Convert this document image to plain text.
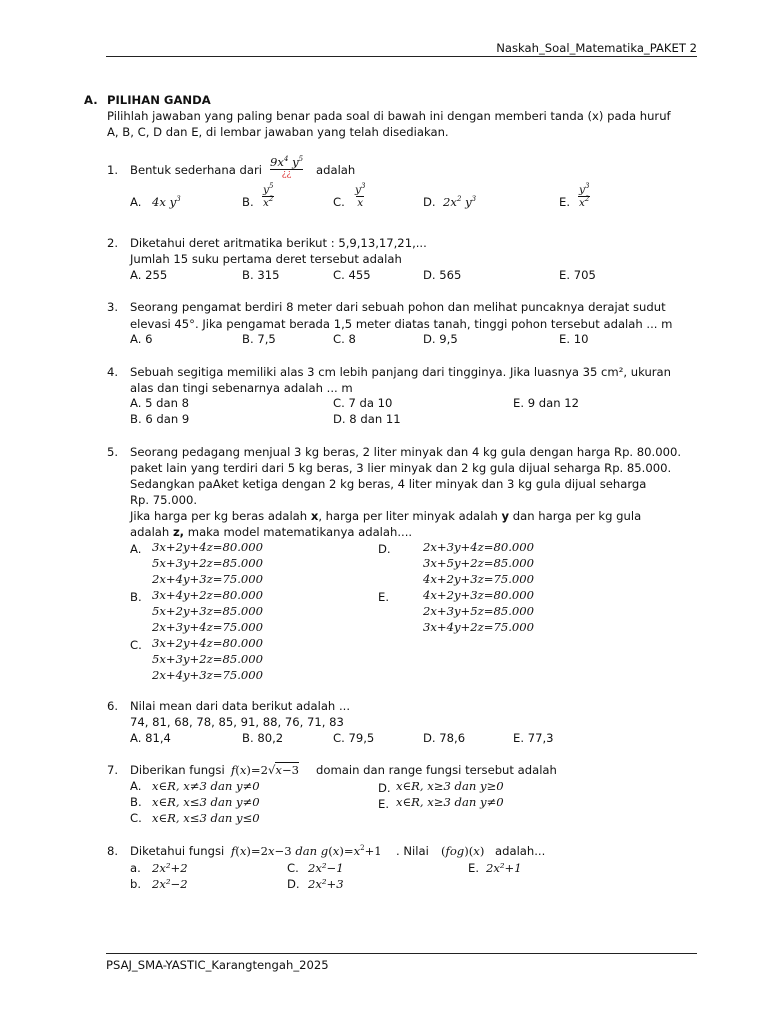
Naskah_Soal_Matematika_PAKET 2
PSAJ_SMA-YASTIC_Karangtengah_2025
A. PILIHAN GANDA
Pilihlah jawaban yang paling benar pada soal di bawah ini dengan memberi tanda (x) pada huruf
A, B, C, D dan E, di lembar jawaban yang telah disediakan.
1. Bentuk sederhana dari
$9x^4$ $y^5$
¿¿	adalah
A. 4x $y^3$	B. $\frac{y^5}{x^2}$	C. $\frac{y^3}{x}$	D. $2x^2$ $y^3$	E. $\frac{y^3}{x^2}$
2. Diketahui deret aritmatika berikut : 5,9,13,17,21,...
Jumlah 15 suku pertama deret tersebut adalah
A. 255	B. 315	C. 455	D. 565	E. 705
3. Seorang pengamat berdiri 8 meter dari sebuah pohon dan melihat puncaknya derajat sudut
elevasi 45°. Jika pengamat berada 1,5 meter diatas tanah, tinggi pohon tersebut adalah ... m
A. 6	B. 7,5	C. 8	D. 9,5	E. 10
4. Sebuah segitiga memiliki alas 3 cm lebih panjang dari tingginya. Jika luasnya 35 cm², ukuran
alas dan tingi sebenarnya adalah ... m
A. 5 dan 8	C. 7 da 10	E. 9 dan 12
B. 6 dan 9	D. 8 dan 11
5. Seorang pedagang menjual 3 kg beras, 2 liter minyak dan 4 kg gula dengan harga Rp. 80.000.
paket lain yang terdiri dari 5 kg beras, 3 lier minyak dan 2 kg gula dijual seharga Rp. 85.000.
Sedangkan paAket ketiga dengan 2 kg beras, 4 liter minyak dan 3 kg gula dijual seharga
Rp. 75.000.
Jika harga per kg beras adalah x, harga per liter minyak adalah y dan harga per kg gula
adalah z, maka model matematikanya adalah....
A. 3x+2y+4z=80.000
5x+3y+2z=85.000
2x+4y+3z=75.000
B. 3x+4y+2z=80.000
5x+2y+3z=85.000
2x+3y+4z=75.000
C. 3x+2y+4z=80.000
5x+3y+2z=85.000
2x+4y+3z=75.000
D.	2x+3y+4z=80.000
3x+5y+2z=85.000
4x+2y+3z=75.000
E.	4x+2y+3z=80.000
2x+3y+5z=85.000
3x+4y+2z=75.000
6. Nilai mean dari data berikut adalah ...
74, 81, 68, 78, 85, 91, 88, 76, 71, 83
A. 81,4	B. 80,2	C. 79,5	D. 78,6	E. 77,3
7. Diberikan fungsi f(x)=2√x−3 domain dan range fungsi tersebut adalah
A. x∈R, x≠3 dan y≠0	D. x∈R, x≥3 dan y≥0
B. x∈R, x≤3 dan y≠0	E. x∈R, x≥3 dan y≠0
C. x∈R, x≤3 dan y≤0
8. Diketahui fungsi f(x)=2x−3 dan $g(x)=x^2+1$ . Nilai (fog)(x) adalah...
a. 2x²+2	C. 2x²−1	E. 2x²+1
b. 2x²−2	D. 2x²+3
